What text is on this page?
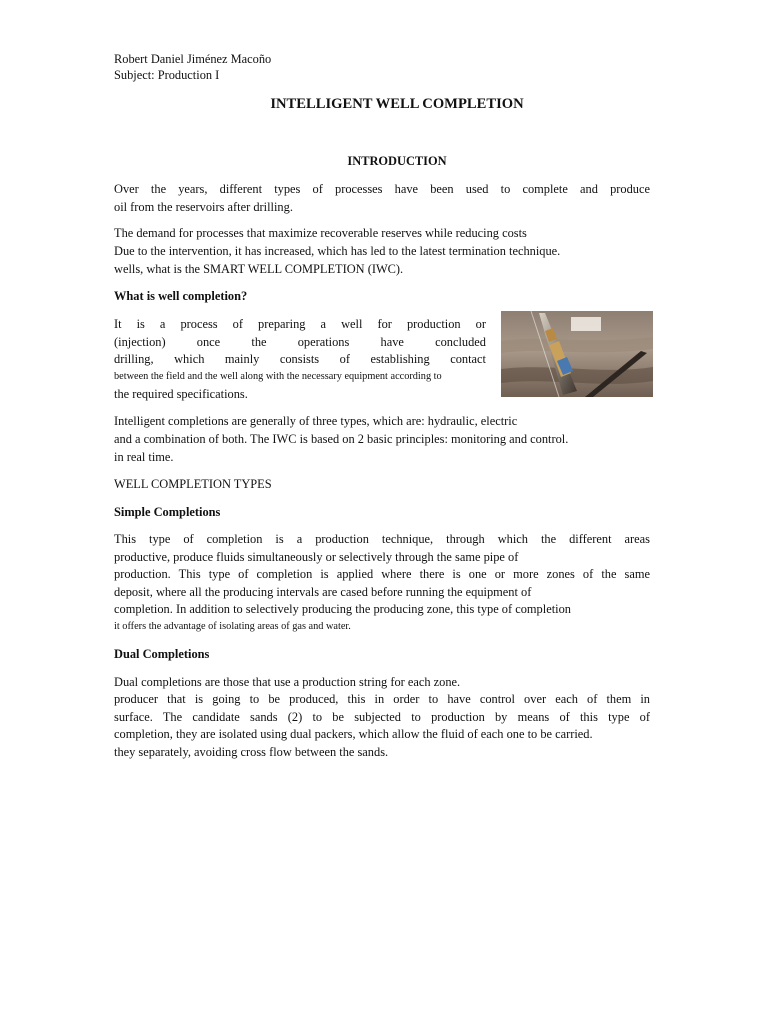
Robert Daniel Jiménez Macoño
Subject: Production I
INTELLIGENT WELL COMPLETION
INTRODUCTION
Over the years, different types of processes have been used to complete and produce
oil from the reservoirs after drilling.
The demand for processes that maximize recoverable reserves while reducing costs
Due to the intervention, it has increased, which has led to the latest termination technique.
wells, what is the SMART WELL COMPLETION (IWC).
What is well completion?
It is a process of preparing a well for production or
(injection) once the operations have concluded
drilling, which mainly consists of establishing contact
between the field and the well along with the necessary equipment according to
the required specifications.
Intelligent completions are generally of three types, which are: hydraulic, electric
and a combination of both. The IWC is based on 2 basic principles: monitoring and control.
in real time.
WELL COMPLETION TYPES
Simple Completions
This type of completion is a production technique, through which the different areas
productive, produce fluids simultaneously or selectively through the same pipe of
production. This type of completion is applied where there is one or more zones of the same
deposit, where all the producing intervals are cased before running the equipment of
completion. In addition to selectively producing the producing zone, this type of completion
it offers the advantage of isolating areas of gas and water.
Dual Completions
Dual completions are those that use a production string for each zone.
producer that is going to be produced, this in order to have control over each of them in
surface. The candidate sands (2) to be subjected to production by means of this type of
completion, they are isolated using dual packers, which allow the fluid of each one to be carried.
they separately, avoiding cross flow between the sands.
